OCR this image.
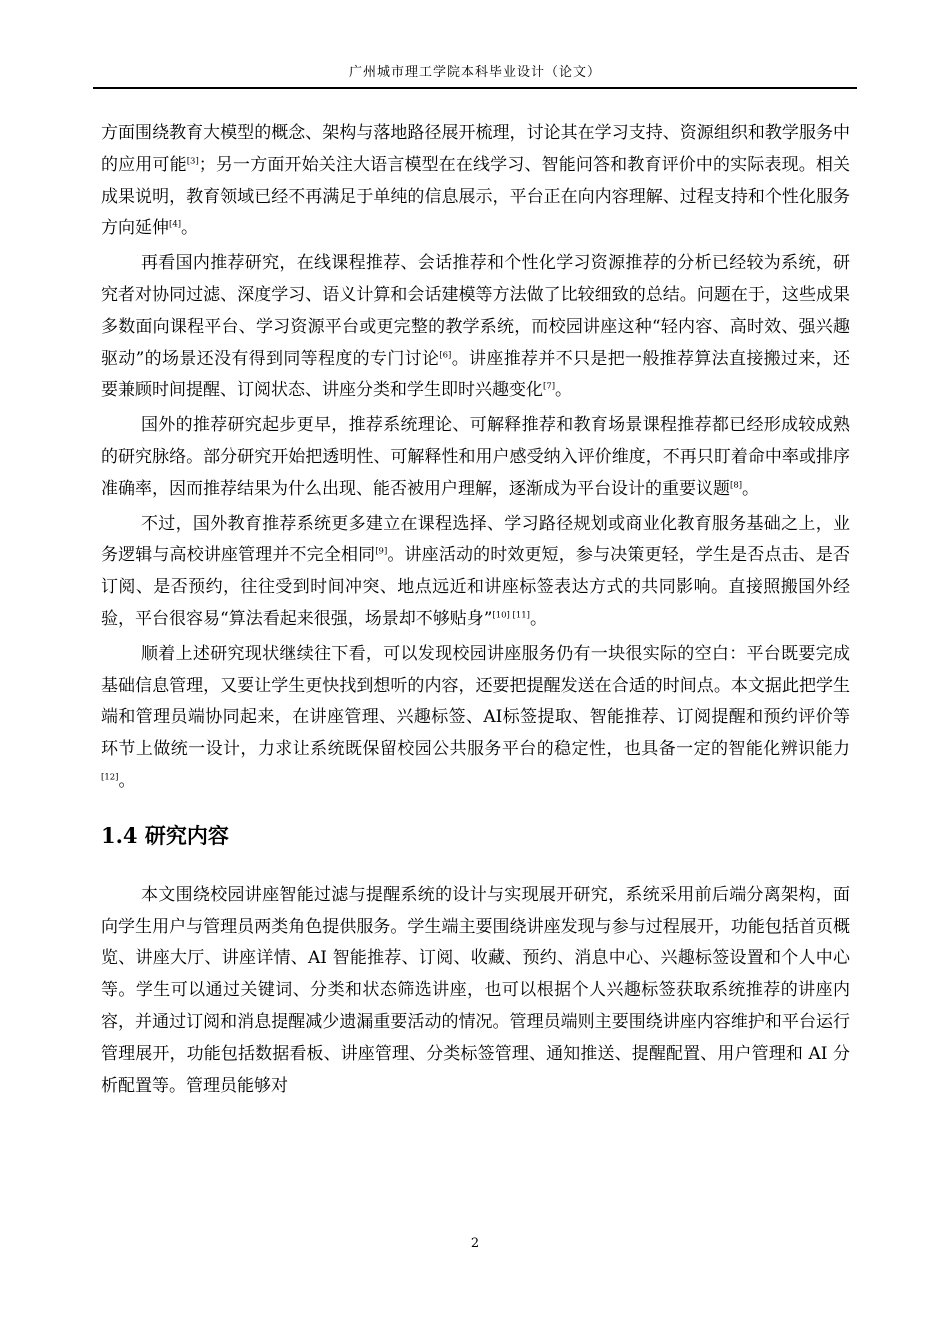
广州城市理工学院本科毕业设计（论文）

方面围绕教育大模型的概念、架构与落地路径展开梳理，讨论其在学习支持、资源组织和教学服务中的应用可能[3]；另一方面开始关注大语言模型在在线学习、智能问答和教育评价中的实际表现。相关成果说明，教育领域已经不再满足于单纯的信息展示，平台正在向内容理解、过程支持和个性化服务方向延伸[4]。

再看国内推荐研究，在线课程推荐、会话推荐和个性化学习资源推荐的分析已经较为系统，研究者对协同过滤、深度学习、语义计算和会话建模等方法做了比较细致的总结。问题在于，这些成果多数面向课程平台、学习资源平台或更完整的教学系统，而校园讲座这种“轻内容、高时效、强兴趣驱动”的场景还没有得到同等程度的专门讨论[6]。讲座推荐并不只是把一般推荐算法直接搬过来，还要兼顾时间提醒、订阅状态、讲座分类和学生即时兴趣变化[7]。

国外的推荐研究起步更早，推荐系统理论、可解释推荐和教育场景课程推荐都已经形成较成熟的研究脉络。部分研究开始把透明性、可解释性和用户感受纳入评价维度，不再只盯着命中率或排序准确率，因而推荐结果为什么出现、能否被用户理解，逐渐成为平台设计的重要议题[8]。

不过，国外教育推荐系统更多建立在课程选择、学习路径规划或商业化教育服务基础之上，业务逻辑与高校讲座管理并不完全相同[9]。讲座活动的时效更短，参与决策更轻，学生是否点击、是否订阅、是否预约，往往受到时间冲突、地点远近和讲座标签表达方式的共同影响。直接照搬国外经验，平台很容易“算法看起来很强，场景却不够贴身”[10] [11]。

顺着上述研究现状继续往下看，可以发现校园讲座服务仍有一块很实际的空白：平台既要完成基础信息管理，又要让学生更快找到想听的内容，还要把提醒发送在合适的时间点。本文据此把学生端和管理员端协同起来，在讲座管理、兴趣标签、AI标签提取、智能推荐、订阅提醒和预约评价等环节上做统一设计，力求让系统既保留校园公共服务平台的稳定性，也具备一定的智能化辨识能力[12]。

1.4 研究内容

本文围绕校园讲座智能过滤与提醒系统的设计与实现展开研究，系统采用前后端分离架构，面向学生用户与管理员两类角色提供服务。学生端主要围绕讲座发现与参与过程展开，功能包括首页概览、讲座大厅、讲座详情、AI 智能推荐、订阅、收藏、预约、消息中心、兴趣标签设置和个人中心等。学生可以通过关键词、分类和状态筛选讲座，也可以根据个人兴趣标签获取系统推荐的讲座内容，并通过订阅和消息提醒减少遗漏重要活动的情况。管理员端则主要围绕讲座内容维护和平台运行管理展开，功能包括数据看板、讲座管理、分类标签管理、通知推送、提醒配置、用户管理和 AI 分析配置等。管理员能够对

2
